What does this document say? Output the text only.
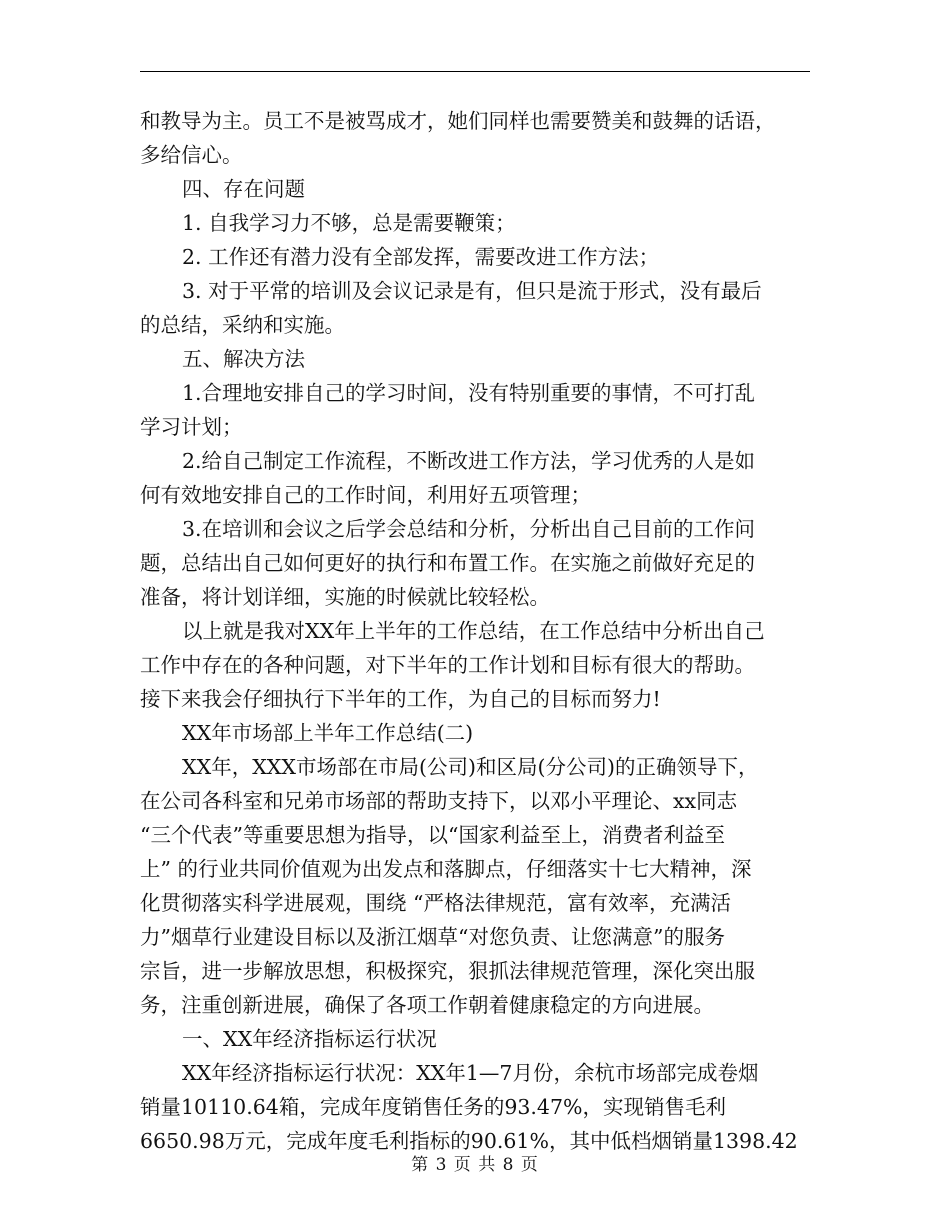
和教导为主。员工不是被骂成才，她们同样也需要赞美和鼓舞的话语，
多给信心。
四、存在问题
1. 自我学习力不够，总是需要鞭策；
2. 工作还有潜力没有全部发挥，需要改进工作方法；
3. 对于平常的培训及会议记录是有，但只是流于形式，没有最后
的总结，采纳和实施。
五、解决方法
1.合理地安排自己的学习时间，没有特别重要的事情，不可打乱
学习计划；
2.给自己制定工作流程，不断改进工作方法，学习优秀的人是如
何有效地安排自己的工作时间，利用好五项管理；
3.在培训和会议之后学会总结和分析，分析出自己目前的工作问
题，总结出自己如何更好的执行和布置工作。在实施之前做好充足的
准备，将计划详细，实施的时候就比较轻松。
以上就是我对XX年上半年的工作总结，在工作总结中分析出自己
工作中存在的各种问题，对下半年的工作计划和目标有很大的帮助。
接下来我会仔细执行下半年的工作，为自己的目标而努力!
XX年市场部上半年工作总结(二)
XX年，XXX市场部在市局(公司)和区局(分公司)的正确领导下，
在公司各科室和兄弟市场部的帮助支持下，以邓小平理论、xx同志
“三个代表”等重要思想为指导，以“国家利益至上，消费者利益至
上” 的行业共同价值观为出发点和落脚点，仔细落实十七大精神，深
化贯彻落实科学进展观，围绕 “严格法律规范，富有效率，充满活
力”烟草行业建设目标以及浙江烟草“对您负责、让您满意”的服务
宗旨，进一步解放思想，积极探究，狠抓法律规范管理，深化突出服
务，注重创新进展，确保了各项工作朝着健康稳定的方向进展。
一、XX年经济指标运行状况
XX年经济指标运行状况：XX年1—7月份，余杭市场部完成卷烟
销量10110.64箱，完成年度销售任务的93.47%，实现销售毛利
6650.98万元，完成年度毛利指标的90.61%，其中低档烟销量1398.42
第 3 页 共 8 页
